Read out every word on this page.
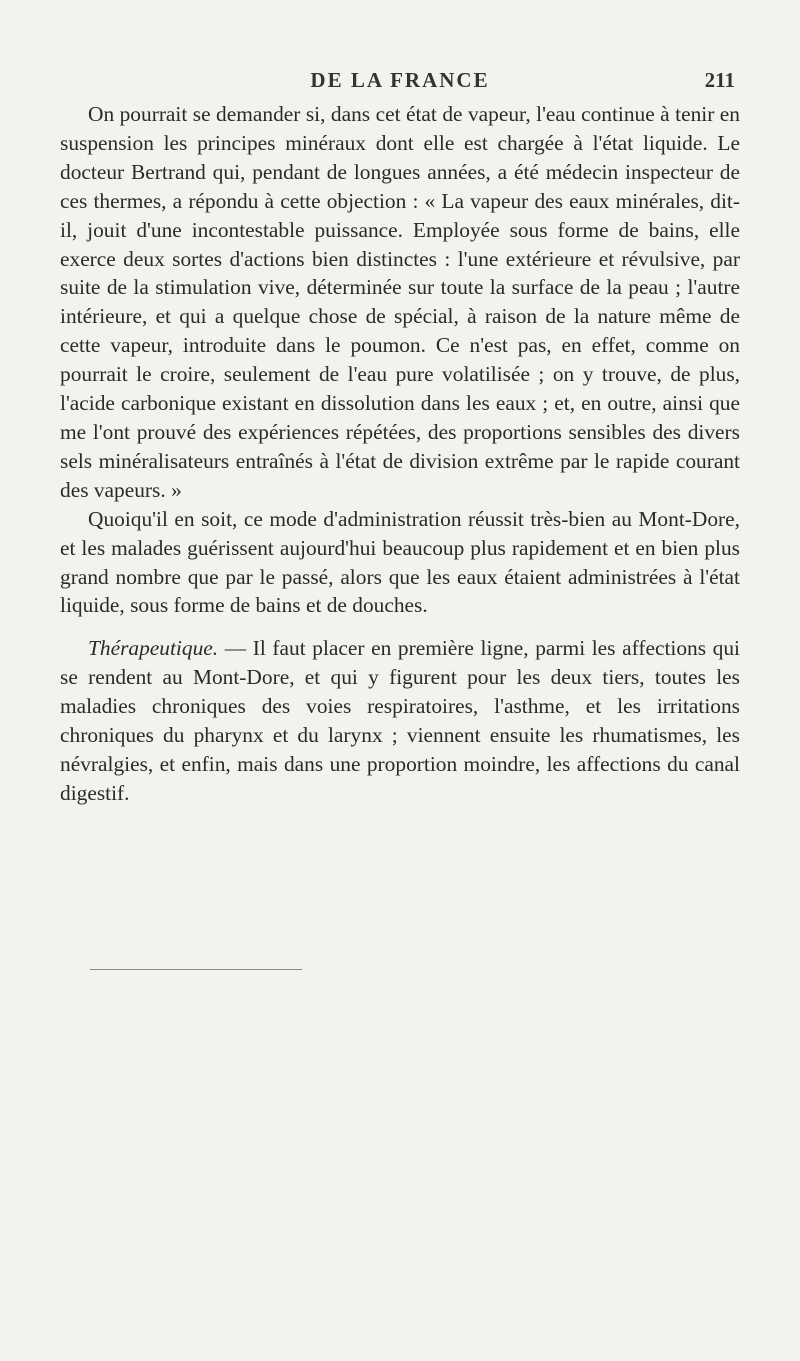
DE LA FRANCE	211

On pourrait se demander si, dans cet état de vapeur, l'eau continue à tenir en suspension les principes minéraux dont elle est chargée à l'état liquide. Le docteur Bertrand qui, pendant de longues années, a été médecin inspecteur de ces thermes, a répondu à cette objection : « La vapeur des eaux minérales, dit-il, jouit d'une incontestable puissance. Employée sous forme de bains, elle exerce deux sortes d'actions bien distinctes : l'une extérieure et révulsive, par suite de la stimulation vive, déterminée sur toute la surface de la peau ; l'autre intérieure, et qui a quelque chose de spécial, à raison de la nature même de cette vapeur, introduite dans le poumon. Ce n'est pas, en effet, comme on pourrait le croire, seulement de l'eau pure volatilisée ; on y trouve, de plus, l'acide carbonique existant en dissolution dans les eaux ; et, en outre, ainsi que me l'ont prouvé des expériences répétées, des proportions sensibles des divers sels minéralisateurs entraînés à l'état de division extrême par le rapide courant des vapeurs. »

Quoiqu'il en soit, ce mode d'administration réussit très-bien au Mont-Dore, et les malades guérissent aujourd'hui beaucoup plus rapidement et en bien plus grand nombre que par le passé, alors que les eaux étaient administrées à l'état liquide, sous forme de bains et de douches.

Thérapeutique. — Il faut placer en première ligne, parmi les affections qui se rendent au Mont-Dore, et qui y figurent pour les deux tiers, toutes les maladies chroniques des voies respiratoires, l'asthme, et les irritations chroniques du pharynx et du larynx ; viennent ensuite les rhumatismes, les névralgies, et enfin, mais dans une proportion moindre, les affections du canal digestif.
